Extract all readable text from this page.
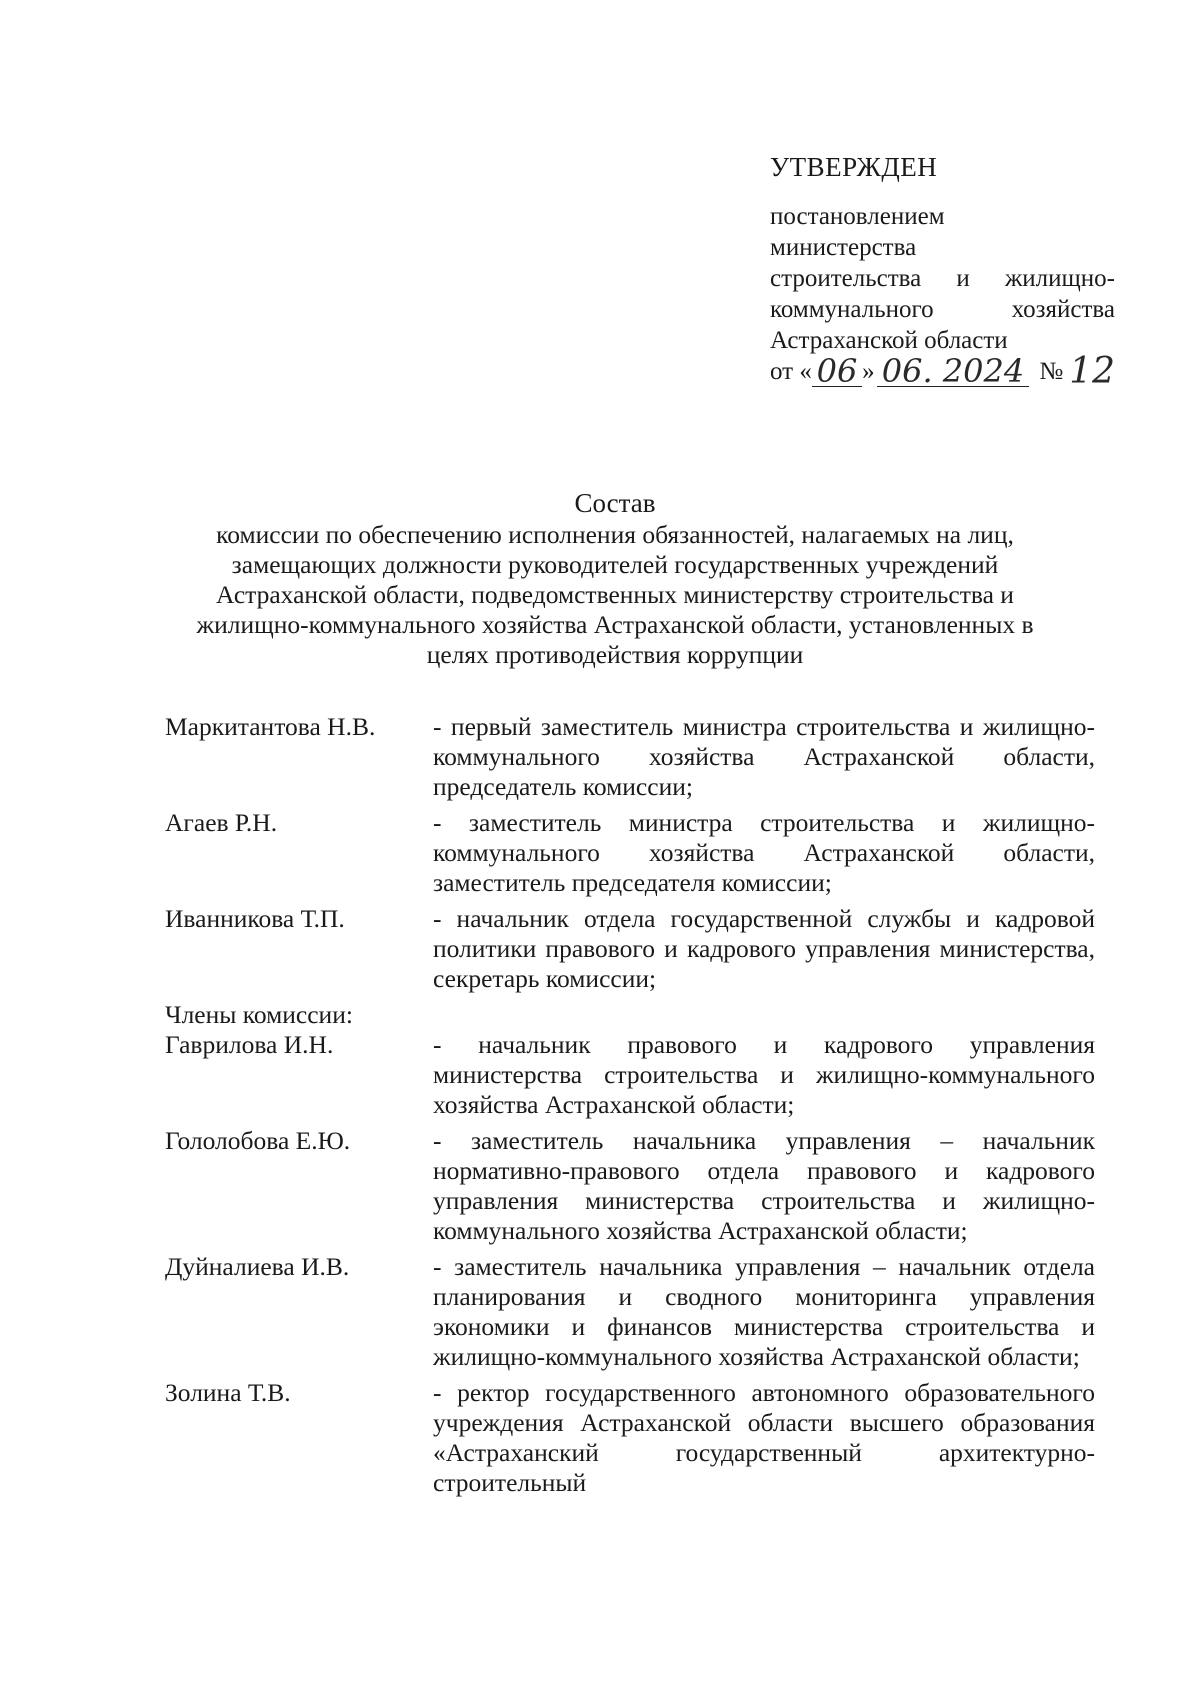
УТВЕРЖДЕН
постановлением
министерства
строительства и жилищно-
коммунального	хозяйства
Астраханской области
от « 06 » 06. 2024 № 12
Состав
комиссии по обеспечению исполнения обязанностей, налагаемых на лиц,
замещающих должности руководителей государственных учреждений
Астраханской области, подведомственных министерству строительства и
жилищно-коммунального хозяйства Астраханской области, установленных в
целях противодействия коррупции
Маркитантова Н.В.	- первый заместитель министра строительства и жилищно-коммунального хозяйства Астраханской области, председатель комиссии;
Агаев Р.Н.	- заместитель министра строительства и жилищно-коммунального хозяйства Астраханской области, заместитель председателя комиссии;
Иванникова Т.П.	- начальник отдела государственной службы и кадровой политики правового и кадрового управления министерства, секретарь комиссии;
Члены комиссии:
Гаврилова И.Н.	- начальник правового и кадрового управления министерства строительства и жилищно-коммунального хозяйства Астраханской области;
Гололобова Е.Ю.	- заместитель начальника управления – начальник нормативно-правового отдела правового и кадрового управления министерства строительства и жилищно-коммунального хозяйства Астраханской области;
Дуйналиева И.В.	- заместитель начальника управления – начальник отдела планирования и сводного мониторинга управления экономики и финансов министерства строительства и жилищно-коммунального хозяйства Астраханской области;
Золина Т.В.	- ректор государственного автономного образовательного учреждения Астраханской области высшего образования «Астраханский государственный архитектурно-строительный
